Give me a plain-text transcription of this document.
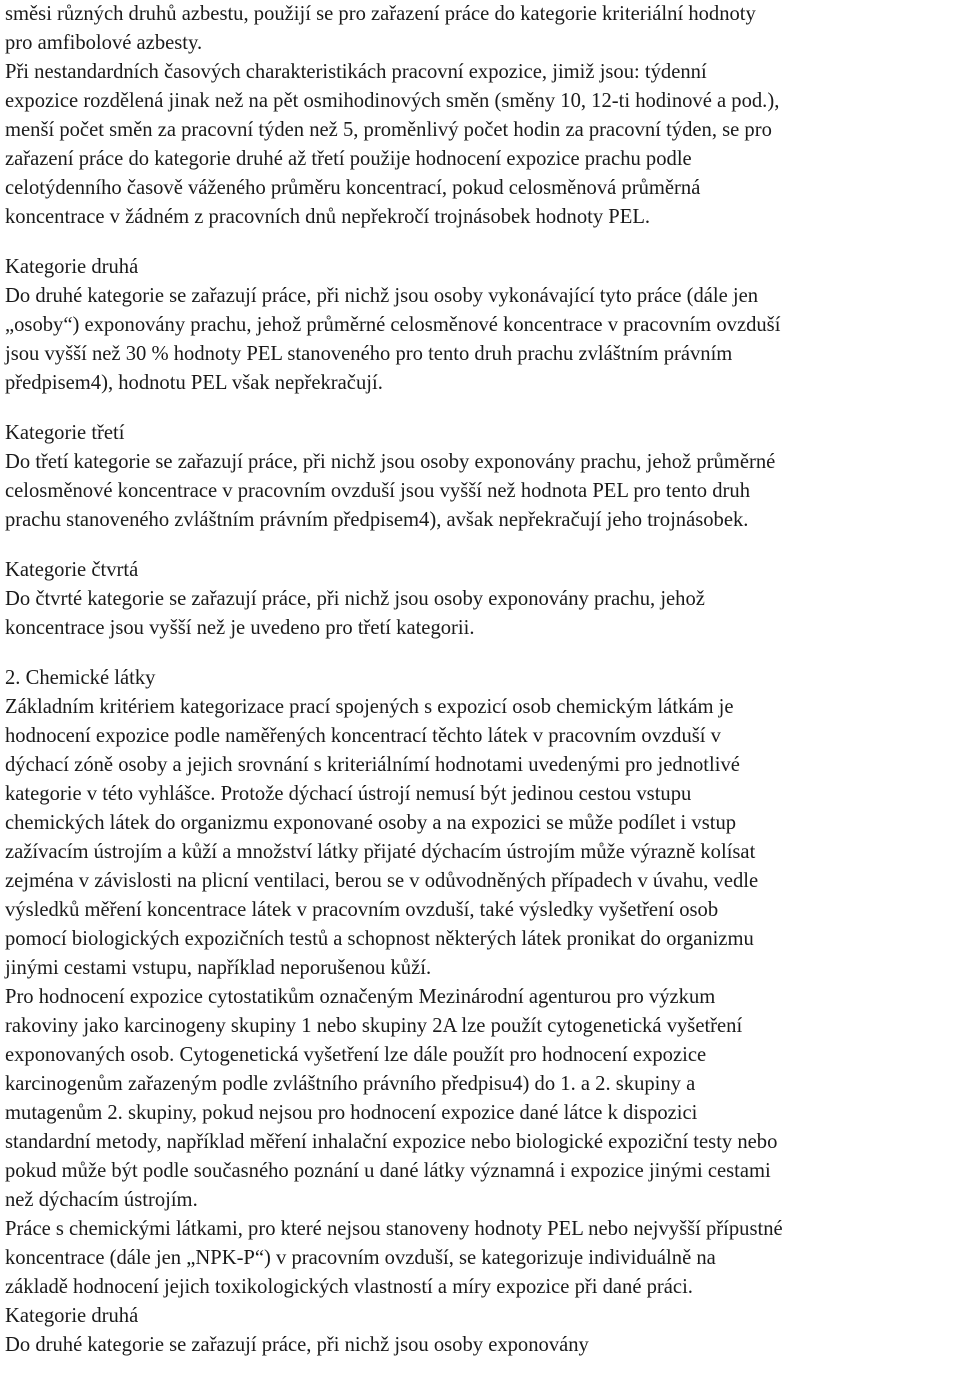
směsi různých druhů azbestu, použijí se pro zařazení práce do kategorie kriteriální hodnoty
pro amfibolové azbesty.
Při nestandardních časových charakteristikách pracovní expozice, jimiž jsou: týdenní
expozice rozdělená jinak než na pět osmihodinových směn (směny 10, 12-ti hodinové a pod.),
menší počet směn za pracovní týden než 5, proměnlivý počet hodin za pracovní týden, se pro
zařazení práce do kategorie druhé až třetí použije hodnocení expozice prachu podle
celotýdenního časově váženého průměru koncentrací, pokud celosměnová průměrná
koncentrace v žádném z pracovních dnů nepřekročí trojnásobek hodnoty PEL.
Kategorie druhá
Do druhé kategorie se zařazují práce, při nichž jsou osoby vykonávající tyto práce (dále jen
„osoby“) exponovány prachu, jehož průměrné celosměnové koncentrace v pracovním ovzduší
jsou vyšší než 30 % hodnoty PEL stanoveného pro tento druh prachu zvláštním právním
předpisem4), hodnotu PEL však nepřekračují.
Kategorie třetí
Do třetí kategorie se zařazují práce, při nichž jsou osoby exponovány prachu, jehož průměrné
celosměnové koncentrace v pracovním ovzduší jsou vyšší než hodnota PEL pro tento druh
prachu stanoveného zvláštním právním předpisem4), avšak nepřekračují jeho trojnásobek.
Kategorie čtvrtá
Do čtvrté kategorie se zařazují práce, při nichž jsou osoby exponovány prachu, jehož
koncentrace jsou vyšší než je uvedeno pro třetí kategorii.
2. Chemické látky
Základním kritériem kategorizace prací spojených s expozicí osob chemickým látkám je
hodnocení expozice podle naměřených koncentrací těchto látek v pracovním ovzduší v
dýchací zóně osoby a jejich srovnání s kriteriálnímí hodnotami uvedenými pro jednotlivé
kategorie v této vyhlášce. Protože dýchací ústrojí nemusí být jedinou cestou vstupu
chemických látek do organizmu exponované osoby a na expozici se může podílet i vstup
zažívacím ústrojím a kůží a množství látky přijaté dýchacím ústrojím může výrazně kolísat
zejména v závislosti na plicní ventilaci, berou se v odůvodněných případech v úvahu, vedle
výsledků měření koncentrace látek v pracovním ovzduší, také výsledky vyšetření osob
pomocí biologických expozičních testů a schopnost některých látek pronikat do organizmu
jinými cestami vstupu, například neporušenou kůží.
Pro hodnocení expozice cytostatikům označeným Mezinárodní agenturou pro výzkum
rakoviny jako karcinogeny skupiny 1 nebo skupiny 2A lze použít cytogenetická vyšetření
exponovaných osob. Cytogenetická vyšetření lze dále použít pro hodnocení expozice
karcinogenům zařazeným podle zvláštního právního předpisu4) do 1. a 2. skupiny a
mutagenům 2. skupiny, pokud nejsou pro hodnocení expozice dané látce k dispozici
standardní metody, například měření inhalační expozice nebo biologické expoziční testy nebo
pokud může být podle současného poznání u dané látky významná i expozice jinými cestami
než dýchacím ústrojím.
Práce s chemickými látkami, pro které nejsou stanoveny hodnoty PEL nebo nejvyšší přípustné
koncentrace (dále jen „NPK-P“) v pracovním ovzduší, se kategorizuje individuálně na
základě hodnocení jejich toxikologických vlastností a míry expozice při dané práci.
Kategorie druhá
Do druhé kategorie se zařazují práce, při nichž jsou osoby exponovány
